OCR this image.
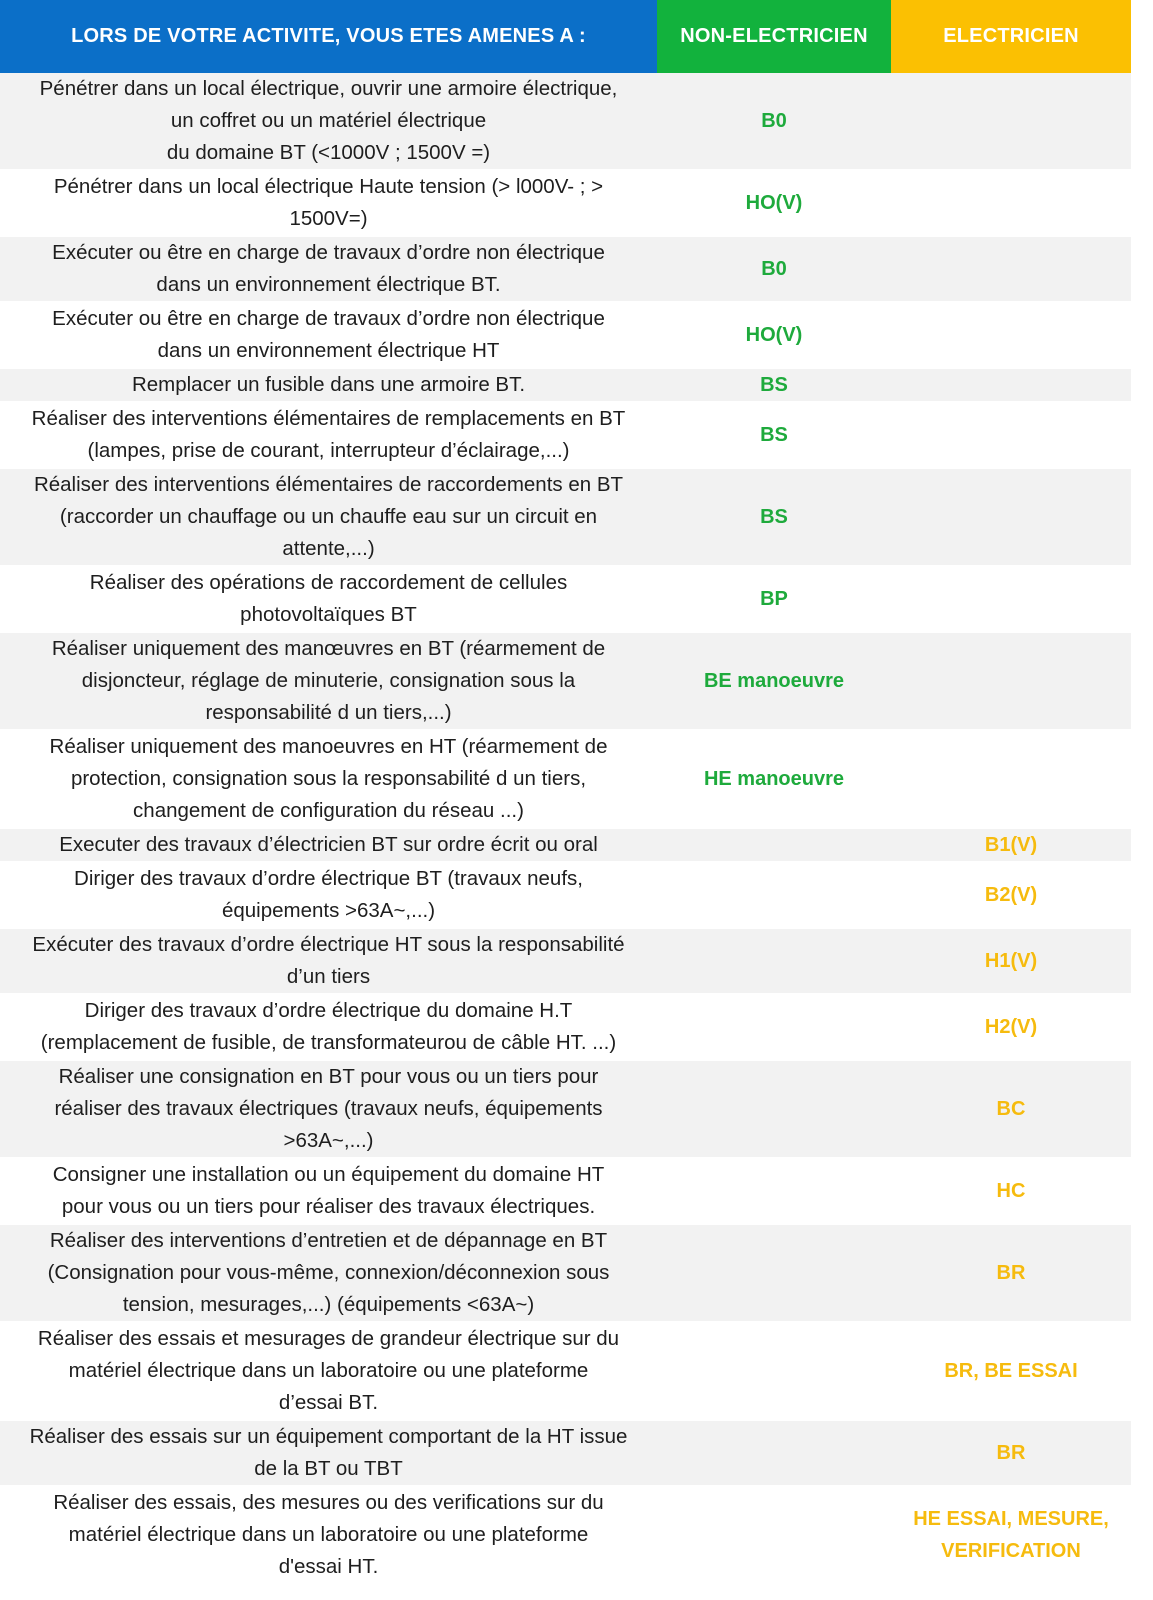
LORS DE VOTRE ACTIVITE, VOUS ETES AMENES A :	NON-ELECTRICIEN	ELECTRICIEN
Pénétrer dans un local électrique, ouvrir une armoire électrique,
un coffret ou un matériel électrique
du domaine BT (<1000V ; 1500V =)	B0	
Pénétrer dans un local électrique Haute tension (> l000V- ; >
1500V=)	HO(V)	
Exécuter ou être en charge de travaux d’ordre non électrique
dans un environnement électrique BT.	B0	
Exécuter ou être en charge de travaux d’ordre non électrique
dans un environnement électrique HT	HO(V)	
Remplacer un fusible dans une armoire BT.	BS	
Réaliser des interventions élémentaires de remplacements en BT
(lampes, prise de courant, interrupteur d’éclairage,...)	BS	
Réaliser des interventions élémentaires de raccordements en BT
(raccorder un chauffage ou un chauffe eau sur un circuit en
attente,...)	BS	
Réaliser des opérations de raccordement de cellules
photovoltaïques BT	BP	
Réaliser uniquement des manœuvres en BT (réarmement de
disjoncteur, réglage de minuterie, consignation sous la
responsabilité d un tiers,...)	BE manoeuvre	
Réaliser uniquement des manoeuvres en HT (réarmement de
protection, consignation sous la responsabilité d un tiers,
changement de configuration du réseau ...)	HE manoeuvre	
Executer des travaux d’électricien BT sur ordre écrit ou oral		B1(V)
Diriger des travaux d’ordre électrique BT (travaux neufs,
équipements >63A~,...)		B2(V)
Exécuter des travaux d’ordre électrique HT sous la responsabilité
d’un tiers		H1(V)
Diriger des travaux d’ordre électrique du domaine H.T
(remplacement de fusible, de transformateurou de câble HT. ...)		H2(V)
Réaliser une consignation en BT pour vous ou un tiers pour
réaliser des travaux électriques (travaux neufs, équipements
>63A~,...)		BC
Consigner une installation ou un équipement du domaine HT
pour vous ou un tiers pour réaliser des travaux électriques.		HC
Réaliser des interventions d’entretien et de dépannage en BT
(Consignation pour vous-même, connexion/déconnexion sous
tension, mesurages,...) (équipements <63A~)		BR
Réaliser des essais et mesurages de grandeur électrique sur du
matériel électrique dans un laboratoire ou une plateforme
d’essai BT.		BR, BE ESSAI
Réaliser des essais sur un équipement comportant de la HT issue
de la BT ou TBT		BR
Réaliser des essais, des mesures ou des verifications sur du
matériel électrique dans un laboratoire ou une plateforme
d'essai HT.		HE ESSAI, MESURE,
VERIFICATION
